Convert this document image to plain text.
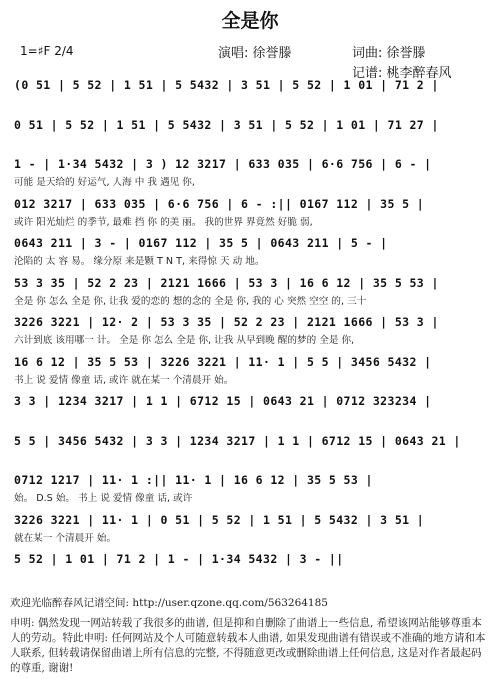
全是你
1=♯F 2/4	演唱: 徐誉滕	词曲: 徐誉滕
记谱: 桃李醉春风
(0 51 | 5 52 | 1 51 | 5 5432 | 3 51 | 5 52 | 1 01 | 71 2 |
0 51 | 5 52 | 1 51 | 5 5432 | 3 51 | 5 52 | 1 01 | 71 27 |
1 - | 1·34 5432 | 3 ) 12 3217 | 633 035 | 6·6 756 | 6 - |
可能 是天给的 好运气, 人海 中 我 遇见 你,
012 3217 | 633 035 | 6·6 756 | 6 - :|| 0167 112 | 35 5 |
或许 阳光灿烂 的季节, 最难 挡 你 的美 丽。 我的世界 界竟然 好脆 弱,
0643 211 | 3 - | 0167 112 | 35 5 | 0643 211 | 5 - |
沦陷的 太 容 易。 缘分原 来是颗 T N T, 来得惊 天 动 地。
53 3 35 | 52 2 23 | 2121 1666 | 53 3 | 16 6 12 | 35 5 53 |
全是 你 怎么 全是 你, 让我 爱的恋的 想的念的 全是 你, 我的 心 突然 空空 的, 三十
3226 3221 | 12· 2 | 53 3 35 | 52 2 23 | 2121 1666 | 53 3 |
六计到底 该用哪一 计。 全是 你 怎么 全是 你, 让我 从早到晚 醒的梦的 全是 你,
16 6 12 | 35 5 53 | 3226 3221 | 11· 1 | 5 5 | 3456 5432 |
书上 说 爱情 像童 话, 或许 就在某一 个清晨开 始。
3 3 | 1234 3217 | 1 1 | 6712 15 | 0643 21 | 0712 323234 |
5 5 | 3456 5432 | 3 3 | 1234 3217 | 1 1 | 6712 15 | 0643 21 |
0712 1217 | 11· 1 :|| 11· 1 | 16 6 12 | 35 5 53 |
始。 D.S 始。 书上 说 爱情 像童 话, 或许
3226 3221 | 11· 1 | 0 51 | 5 52 | 1 51 | 5 5432 | 3 51 |
就在某一 个清晨开 始。
5 52 | 1 01 | 71 2 | 1 - | 1·34 5432 | 3 - ||
欢迎光临醉春风记谱空间: http://user.qzone.qq.com/563264185
申明: 偶然发现一网站转载了我很多的曲谱, 但是抑和自删除了曲谱上一些信息, 希望该网站能够尊重本人的劳动。特此申明: 任何网站及个人可随意转载本人曲谱, 如果发现曲谱有错误或不准确的地方请和本人联系, 但转载请保留曲谱上所有信息的完整, 不得随意更改或删除曲谱上任何信息, 这是对作者最起码的尊重, 谢谢!
